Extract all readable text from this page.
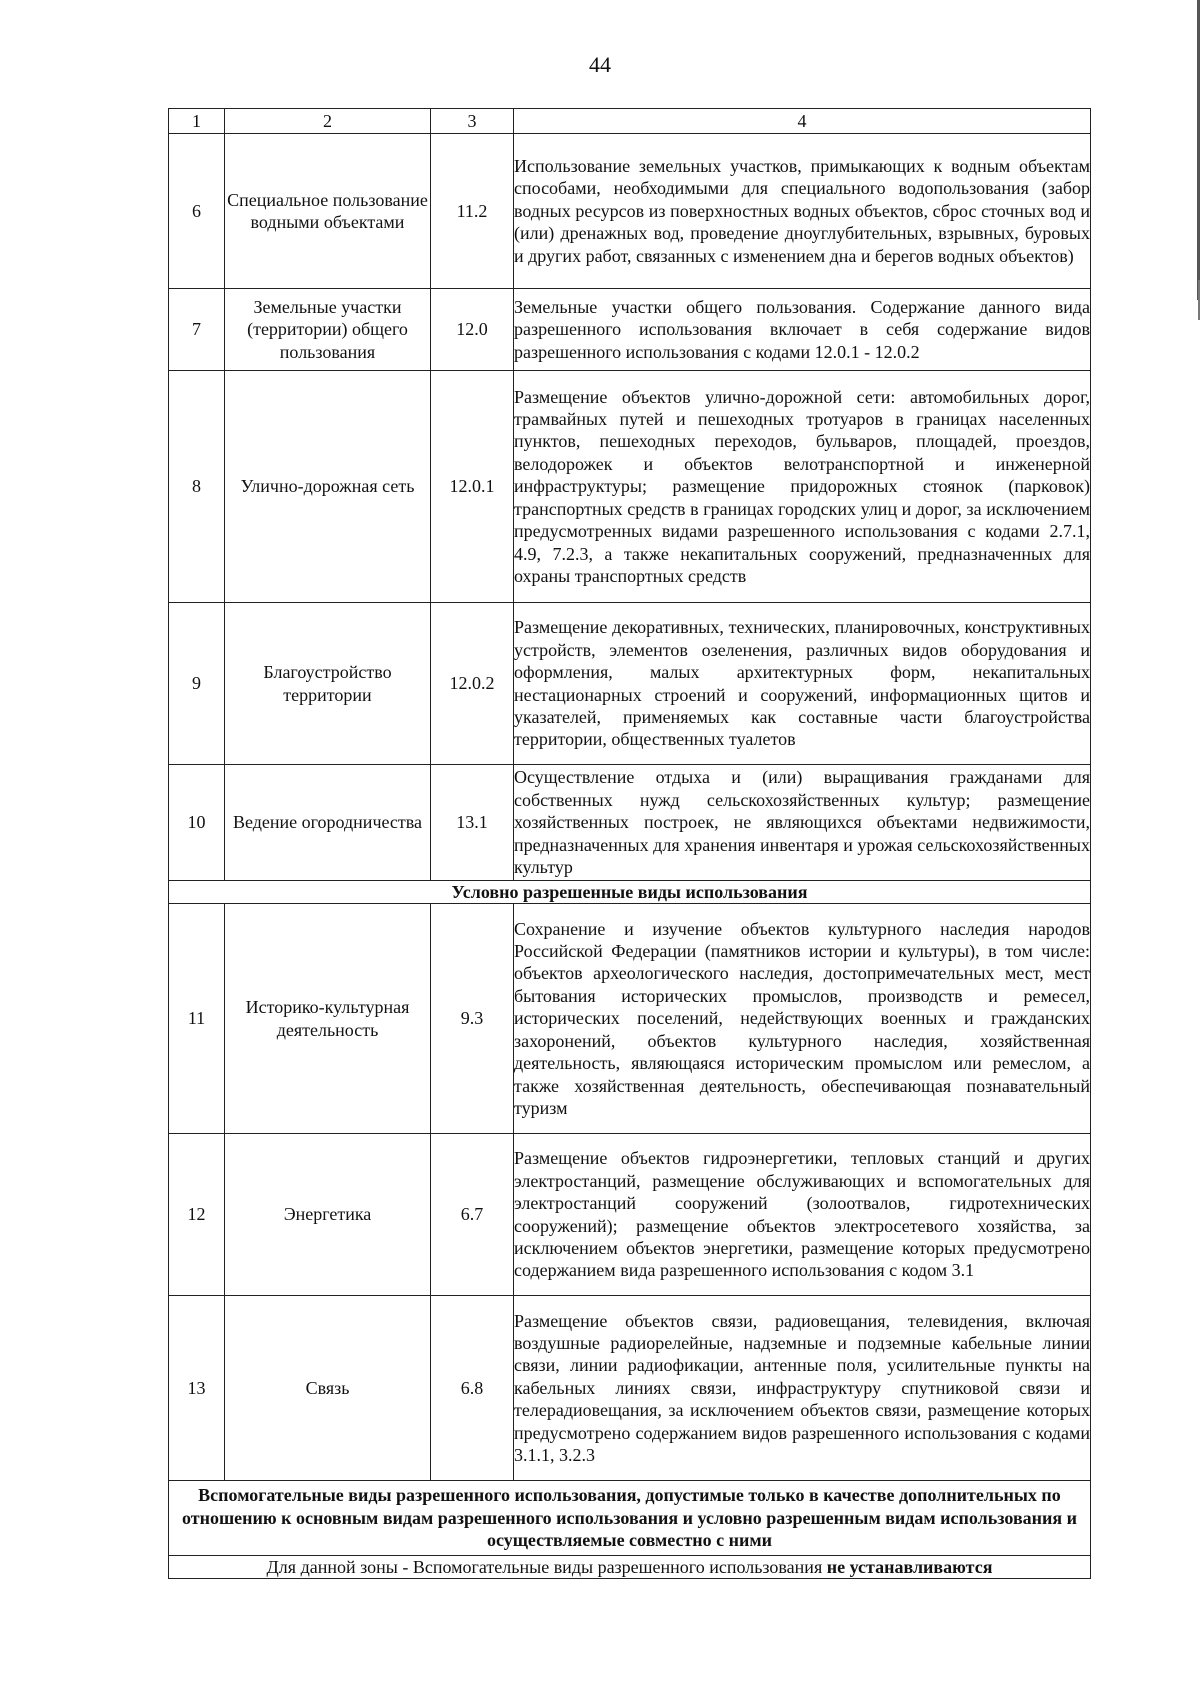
44
1	2	3	4
6	Специальное пользование водными объектами	11.2	Использование земельных участков, примыкающих к водным объектам способами, необходимыми для специального водопользования (забор водных ресурсов из поверхностных водных объектов, сброс сточных вод и (или) дренажных вод, проведение дноуглубительных, взрывных, буровых и других работ, связанных с изменением дна и берегов водных объектов)
7	Земельные участки (территории) общего пользования	12.0	Земельные участки общего пользования. Содержание данного вида разрешенного использования включает в себя содержание видов разрешенного использования с кодами 12.0.1 - 12.0.2
8	Улично-дорожная сеть	12.0.1	Размещение объектов улично-дорожной сети: автомобильных дорог, трамвайных путей и пешеходных тротуаров в границах населенных пунктов, пешеходных переходов, бульваров, площадей, проездов, велодорожек и объектов велотранспортной и инженерной инфраструктуры; размещение придорожных стоянок (парковок) транспортных средств в границах городских улиц и дорог, за исключением предусмотренных видами разрешенного использования с кодами 2.7.1, 4.9, 7.2.3, а также некапитальных сооружений, предназначенных для охраны транспортных средств
9	Благоустройство территории	12.0.2	Размещение декоративных, технических, планировочных, конструктивных устройств, элементов озеленения, различных видов оборудования и оформления, малых архитектурных форм, некапитальных нестационарных строений и сооружений, информационных щитов и указателей, применяемых как составные части благоустройства территории, общественных туалетов
10	Ведение огородничества	13.1	Осуществление отдыха и (или) выращивания гражданами для собственных нужд сельскохозяйственных культур; размещение хозяйственных построек, не являющихся объектами недвижимости, предназначенных для хранения инвентаря и урожая сельскохозяйственных культур
Условно разрешенные виды использования			
11	Историко-культурная деятельность	9.3	Сохранение и изучение объектов культурного наследия народов Российской Федерации (памятников истории и культуры), в том числе: объектов археологического наследия, достопримечательных мест, мест бытования исторических промыслов, производств и ремесел, исторических поселений, недействующих военных и гражданских захоронений, объектов культурного наследия, хозяйственная деятельность, являющаяся историческим промыслом или ремеслом, а также хозяйственная деятельность, обеспечивающая познавательный туризм
12	Энергетика	6.7	Размещение объектов гидроэнергетики, тепловых станций и других электростанций, размещение обслуживающих и вспомогательных для электростанций сооружений (золоотвалов, гидротехнических сооружений); размещение объектов электросетевого хозяйства, за исключением объектов энергетики, размещение которых предусмотрено содержанием вида разрешенного использования с кодом 3.1
13	Связь	6.8	Размещение объектов связи, радиовещания, телевидения, включая воздушные радиорелейные, надземные и подземные кабельные линии связи, линии радиофикации, антенные поля, усилительные пункты на кабельных линиях связи, инфраструктуру спутниковой связи и телерадиовещания, за исключением объектов связи, размещение которых предусмотрено содержанием видов разрешенного использования с кодами 3.1.1, 3.2.3
Вспомогательные виды разрешенного использования, допустимые только в качестве дополнительных по отношению к основным видам разрешенного использования и условно разрешенным видам использования и осуществляемые совместно с ними			
Для данной зоны - Вспомогательные виды разрешенного использования не устанавливаются			
